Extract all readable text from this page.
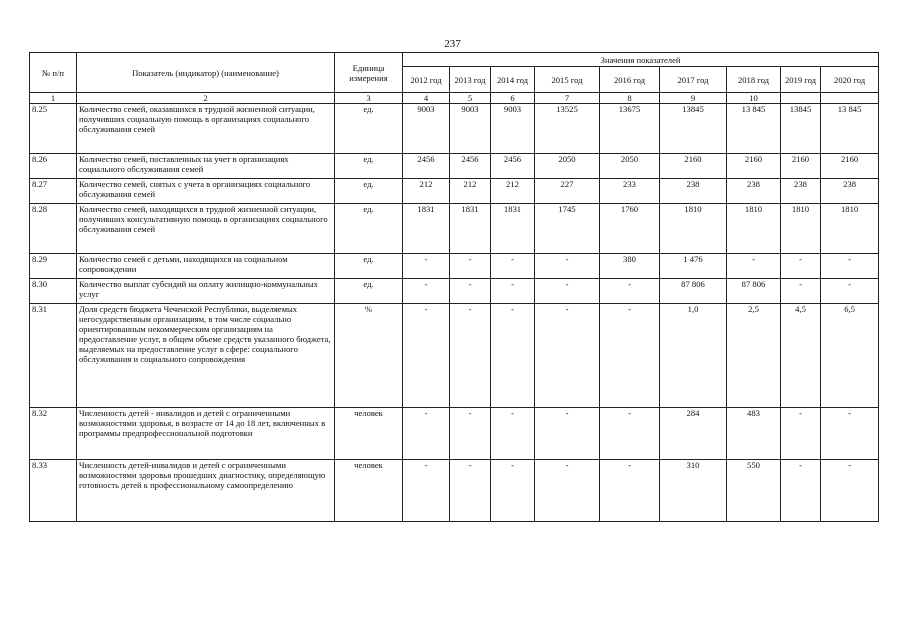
237
№ п/п	Показатель (индикатор) (наименование)	Единица измерения	Значения показателей								
			2012 год	2013 год	2014 год	2015 год	2016 год	2017 год	2018 год	2019 год	2020 год
1	2	3	4	5	6	7	8	9	10		
8.25	Количество семей, оказавшихся в трудной жизненной ситуации, получивших социальную помощь в организациях социального обслуживания семей	ед.	9003	9003	9003	13525	13675	13845	13 845	13845	13 845
8.26	Количество семей, поставленных на учет в организациях социального обслуживания семей	ед.	2456	2456	2456	2050	2050	2160	2160	2160	2160
8.27	Количество семей, снятых с учета в организациях социального обслуживания семей	ед.	212	212	212	227	233	238	238	238	238
8.28	Количество семей, находящихся в трудной жизненной ситуации, получивших консультативную помощь в организациях социального обслуживания семей	ед.	1831	1831	1831	1745	1760	1810	1810	1810	1810
8.29	Количество семей с детьми, находящихся на социальном сопровождении	ед.	-	-	-	-	380	1 476	-	-	-
8.30	Количество выплат субсидий на оплату жилищно-коммунальных услуг	ед.	-	-	-	-	-	87 806	87 806	-	-
8.31	Доля средств бюджета Чеченской Республики, выделяемых негосударственным организациям, в том числе социально ориентированным некоммерческим организациям на предоставление услуг, в общем объеме средств указанного бюджета, выделяемых на предоставление услуг в сфере: социального обслуживания и социального сопровождения	%	-	-	-	-	-	1,0	2,5	4,5	6,5
8.32	Численность детей - инвалидов и детей с ограниченными возможностями здоровья, в возрасте от 14 до 18 лет, включенных в программы предпрофессиональной подготовки	человек	-	-	-	-	-	284	483	-	-
8.33	Численность детей-инвалидов и детей с ограниченными возможностями здоровья прошедших диагностику, определяющую готовность детей к профессиональному самоопределению	человек	-	-	-	-	-	310	550	-	-
